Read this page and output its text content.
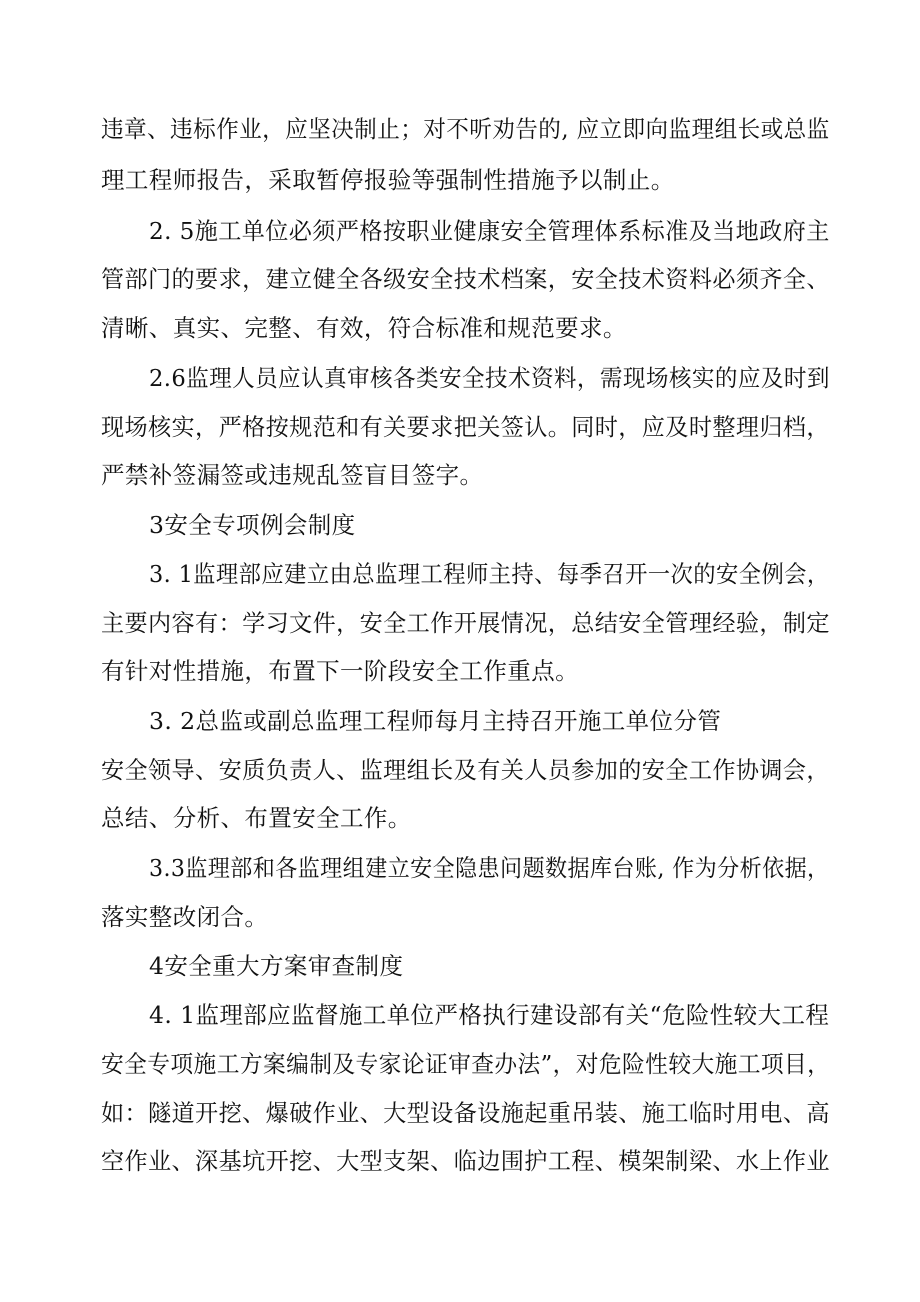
违章、违标作业，应坚决制止；对不听劝告的, 应立即向监理组长或总监
理工程师报告，采取暂停报验等强制性措施予以制止。
2. 5施工单位必须严格按职业健康安全管理体系标准及当地政府主
管部门的要求，建立健全各级安全技术档案，安全技术资料必须齐全、
清晰、真实、完整、有效，符合标准和规范要求。
2.6监理人员应认真审核各类安全技术资料，需现场核实的应及时到
现场核实，严格按规范和有关要求把关签认。同时，应及时整理归档，
严禁补签漏签或违规乱签盲目签字。
3安全专项例会制度
3. 1监理部应建立由总监理工程师主持、每季召开一次的安全例会，
主要内容有：学习文件，安全工作开展情况，总结安全管理经验，制定
有针对性措施，布置下一阶段安全工作重点。
3. 2总监或副总监理工程师每月主持召开施工单位分管
安全领导、安质负责人、监理组长及有关人员参加的安全工作协调会，
总结、分析、布置安全工作。
3.3监理部和各监理组建立安全隐患问题数据库台账, 作为分析依据，
落实整改闭合。
4安全重大方案审查制度
4. 1监理部应监督施工单位严格执行建设部有关“危险性较大工程
安全专项施工方案编制及专家论证审查办法”，对危险性较大施工项目，
如：隧道开挖、爆破作业、大型设备设施起重吊装、施工临时用电、高
空作业、深基坑开挖、大型支架、临边围护工程、模架制梁、水上作业
